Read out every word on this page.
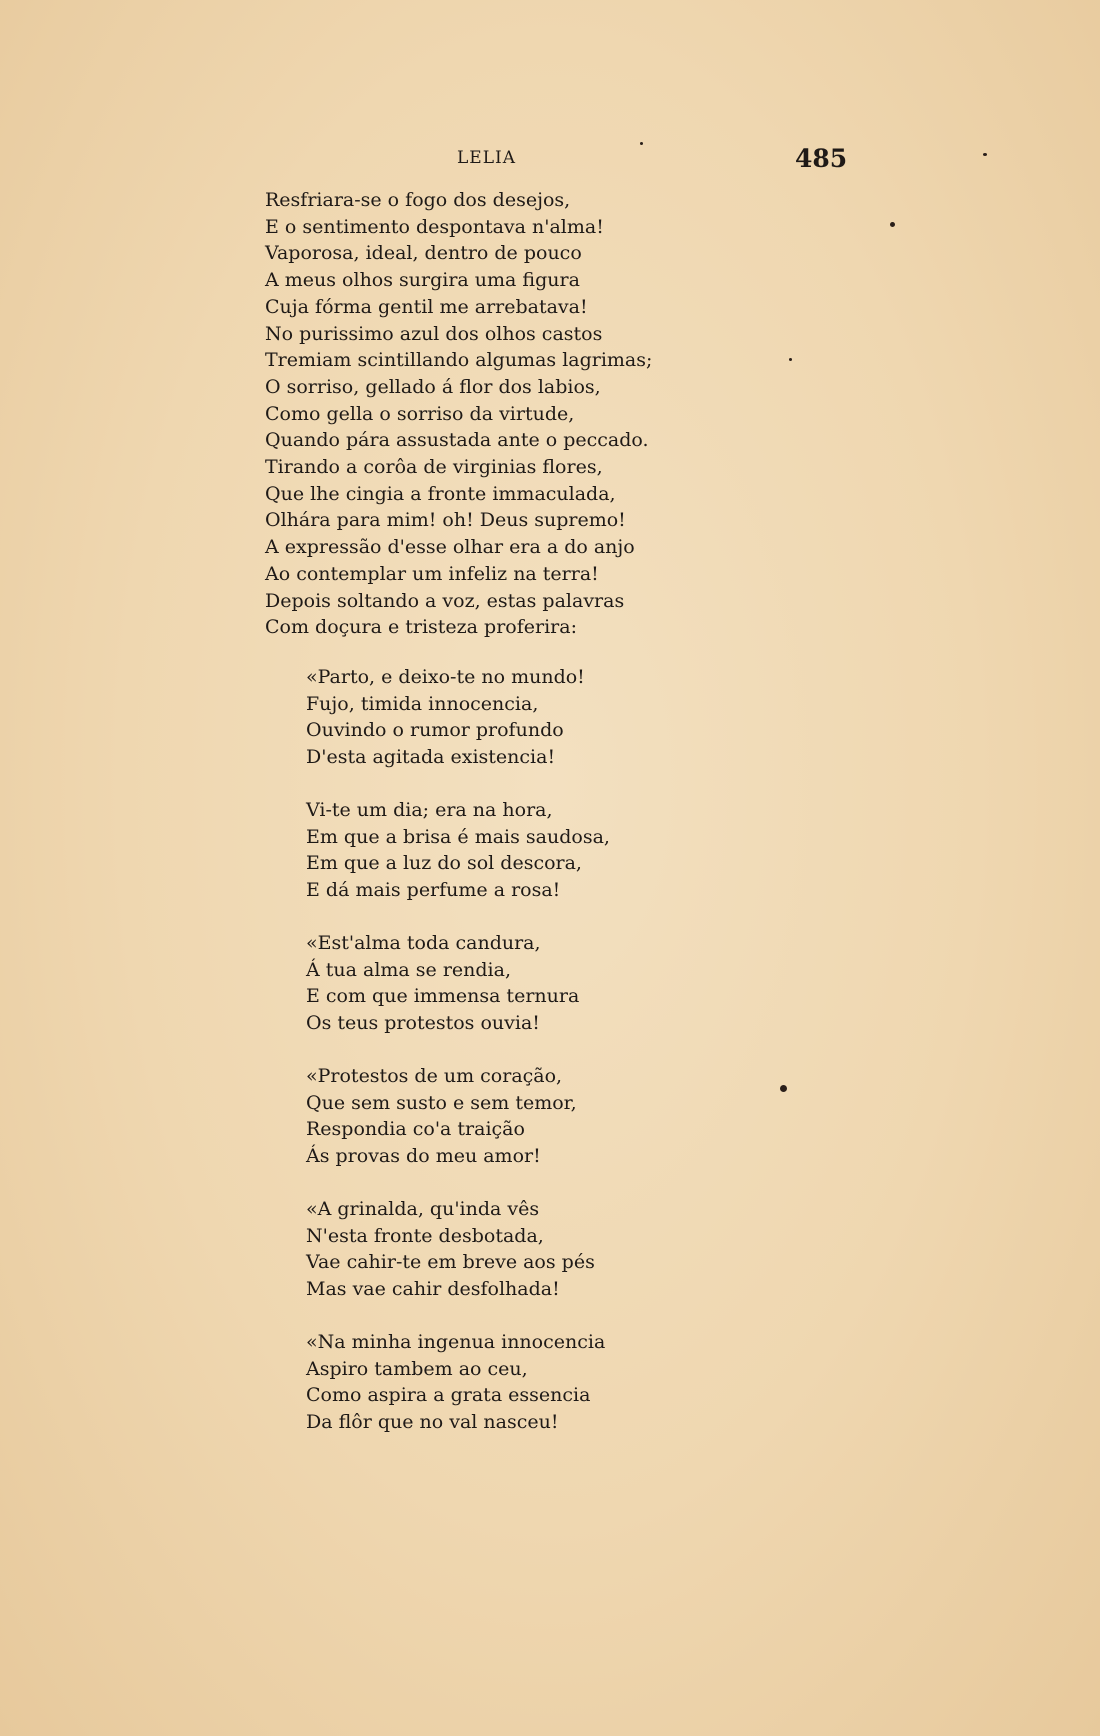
LELIA	485
Resfriara-se o fogo dos desejos,
E o sentimento despontava n'alma!
Vaporosa, ideal, dentro de pouco
A meus olhos surgira uma figura
Cuja fórma gentil me arrebatava!
No purissimo azul dos olhos castos
Tremiam scintillando algumas lagrimas;
O sorriso, gellado á flor dos labios,
Como gella o sorriso da virtude,
Quando pára assustada ante o peccado.
Tirando a corôa de virginias flores,
Que lhe cingia a fronte immaculada,
Olhára para mim! oh! Deus supremo!
A expressão d'esse olhar era a do anjo
Ao contemplar um infeliz na terra!
Depois soltando a voz, estas palavras
Com doçura e tristeza proferira:
«Parto, e deixo-te no mundo!
Fujo, timida innocencia,
Ouvindo o rumor profundo
D'esta agitada existencia!
Vi-te um dia; era na hora,
Em que a brisa é mais saudosa,
Em que a luz do sol descora,
E dá mais perfume a rosa!
«Est'alma toda candura,
Á tua alma se rendia,
E com que immensa ternura
Os teus protestos ouvia!
«Protestos de um coração,
Que sem susto e sem temor,
Respondia co'a traição
Ás provas do meu amor!
«A grinalda, qu'inda vês
N'esta fronte desbotada,
Vae cahir-te em breve aos pés
Mas vae cahir desfolhada!
«Na minha ingenua innocencia
Aspiro tambem ao ceu,
Como aspira a grata essencia
Da flôr que no val nasceu!
